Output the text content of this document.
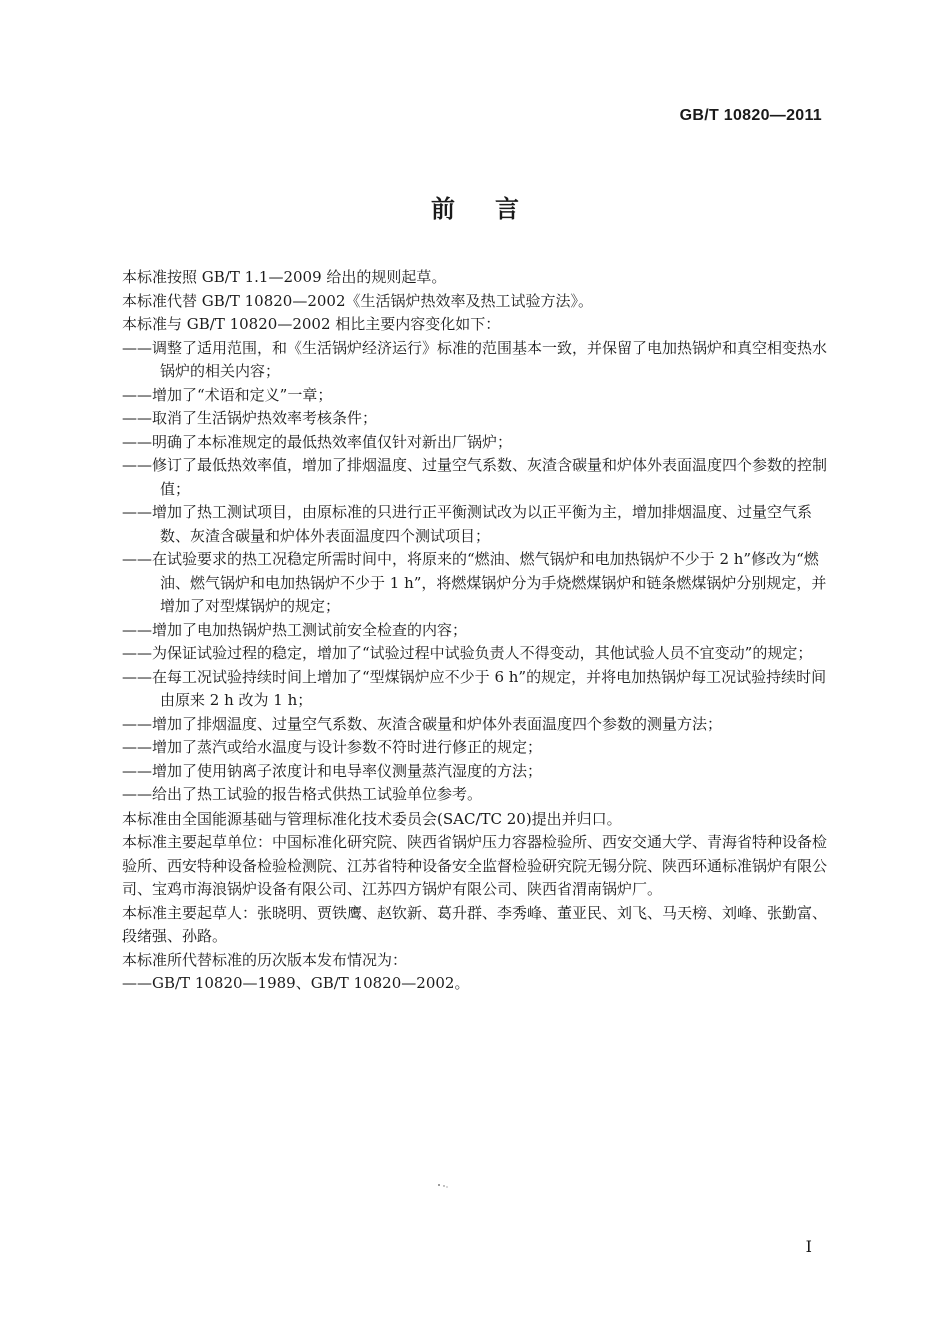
GB/T 10820—2011
前言

本标准按照 GB/T 1.1—2009 给出的规则起草。

本标准代替 GB/T 10820—2002《生活锅炉热效率及热工试验方法》。

本标准与 GB/T 10820—2002 相比主要内容变化如下：

——调整了适用范围，和《生活锅炉经济运行》标准的范围基本一致，并保留了电加热锅炉和真空相变热水锅炉的相关内容；

——增加了“术语和定义”一章；

——取消了生活锅炉热效率考核条件；

——明确了本标准规定的最低热效率值仅针对新出厂锅炉；

——修订了最低热效率值，增加了排烟温度、过量空气系数、灰渣含碳量和炉体外表面温度四个参数的控制值；

——增加了热工测试项目，由原标准的只进行正平衡测试改为以正平衡为主，增加排烟温度、过量空气系数、灰渣含碳量和炉体外表面温度四个测试项目；

——在试验要求的热工况稳定所需时间中，将原来的“燃油、燃气锅炉和电加热锅炉不少于 2 h”修改为“燃油、燃气锅炉和电加热锅炉不少于 1 h”，将燃煤锅炉分为手烧燃煤锅炉和链条燃煤锅炉分别规定，并增加了对型煤锅炉的规定；

——增加了电加热锅炉热工测试前安全检查的内容；

——为保证试验过程的稳定，增加了“试验过程中试验负责人不得变动，其他试验人员不宜变动”的规定；

——在每工况试验持续时间上增加了“型煤锅炉应不少于 6 h”的规定，并将电加热锅炉每工况试验持续时间由原来 2 h 改为 1 h；

——增加了排烟温度、过量空气系数、灰渣含碳量和炉体外表面温度四个参数的测量方法；

——增加了蒸汽或给水温度与设计参数不符时进行修正的规定；

——增加了使用钠离子浓度计和电导率仪测量蒸汽湿度的方法；

——给出了热工试验的报告格式供热工试验单位参考。

本标准由全国能源基础与管理标准化技术委员会(SAC/TC 20)提出并归口。

本标准主要起草单位：中国标准化研究院、陕西省锅炉压力容器检验所、西安交通大学、青海省特种设备检验所、西安特种设备检验检测院、江苏省特种设备安全监督检验研究院无锡分院、陕西环通标准锅炉有限公司、宝鸡市海浪锅炉设备有限公司、江苏四方锅炉有限公司、陕西省渭南锅炉厂。

本标准主要起草人：张晓明、贾铁鹰、赵钦新、葛升群、李秀峰、董亚民、刘飞、马天榜、刘峰、张勤富、段绪强、孙路。

本标准所代替标准的历次版本发布情况为：

——GB/T 10820—1989、GB/T 10820—2002。

I
